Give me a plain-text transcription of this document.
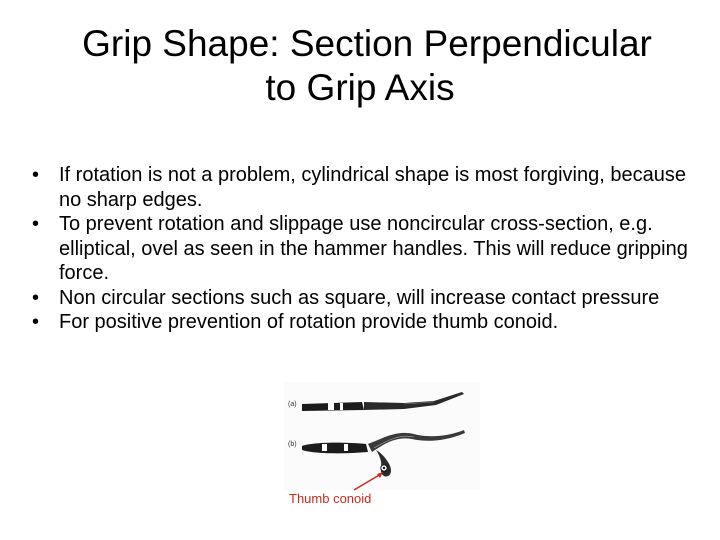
Grip Shape: Section Perpendicular
to Grip Axis
• If rotation is not a problem, cylindrical shape is most forgiving, because no sharp edges.
• To prevent rotation and slippage use noncircular cross-section, e.g. elliptical, ovel as seen in the hammer handles. This will reduce gripping force.
• Non circular sections such as square, will increase contact pressure
• For positive prevention of rotation provide thumb conoid.
(a)
(b)
Thumb conoid
